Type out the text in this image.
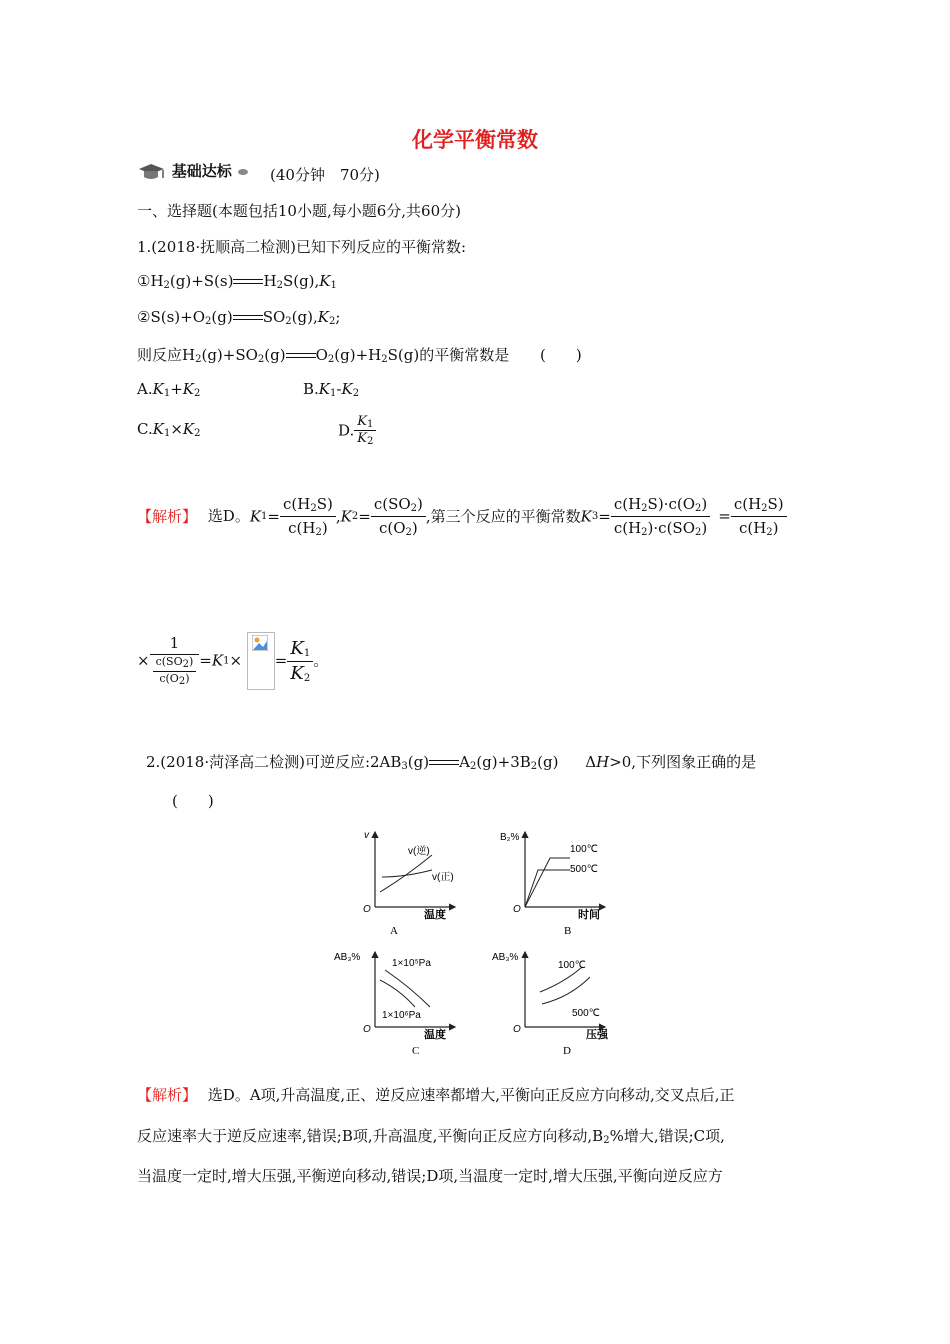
化学平衡常数
基础达标	(40分钟　70分)
一、选择题(本题包括10小题,每小题6分,共60分)
1.(2018·抚顺高二检测)已知下列反应的平衡常数:
$①H_2(g)+S(s)$ $H_2S(g),K_1$
$②S(s)+O_2(g)$ $SO_2(g),K_2$;
则反应$H_2(g)+SO_2(g)$ $O_2(g)+H_2S(g)$的平衡常数是 (　　)
$A.K_1+K_2$	$B.K_1-K_2$
$C.K_1\times K_2$	D. $\frac{K_1}{K_2}$
【解析】 选D。$K1= \frac{c(H_2S)}{c(H_2)} ,K2= \frac{c(SO_2)}{c(O_2)}$ ,第三个反应的平衡常数$K3= \frac{c(H_2S)\cdot c(O_2)}{c(H_2)\cdot c(SO_2)} = \frac{c(H_2S)}{c(H_2)}$
× $\frac{1}{\frac{c(SO_2)}{c(O_2)}} =K1\times = \frac{K_1}{K_2}$ 。
2.(2018·菏泽高二检测)可逆反应$:2AB_3(g)$ $A_2(g)+3B_2(g)$ ΔH>0,下列图象正确的是
(　　)
v
O
v(逆)
v(正)
温度
A
B₂%
O
100℃
500℃
时间
B
AB₃%
O
1×10⁵Pa
1×10⁶Pa
温度
C
AB₃%
O
100℃
500℃
压强
D
【解析】 选D。A项,升高温度,正、逆反应速率都增大,平衡向正反应方向移动,交叉点后,正
反应速率大于逆反应速率,错误;B项,升高温度,平衡向正反应方向移动$,B_2\%$增大,错误;C项,
当温度一定时,增大压强,平衡逆向移动,错误;D项,当温度一定时,增大压强,平衡向逆反应方
